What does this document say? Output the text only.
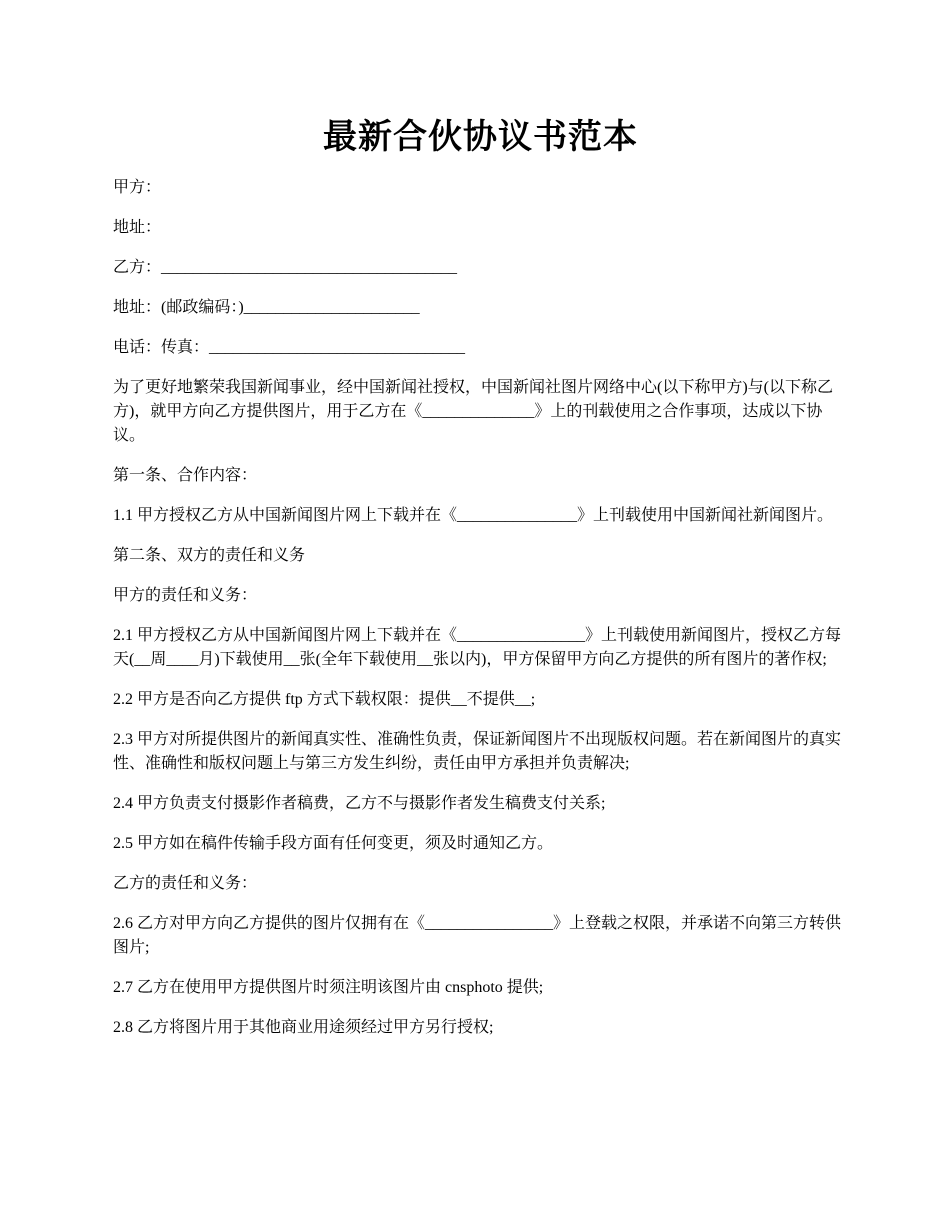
最新合伙协议书范本

甲方：

地址：

乙方：_____________________________________

地址：(邮政编码：)______________________

电话：传真：________________________________

为了更好地繁荣我国新闻事业，经中国新闻社授权，中国新闻社图片网络中心(以下称甲方)与(以下称乙方)，就甲方向乙方提供图片，用于乙方在《______________》上的刊载使用之合作事项，达成以下协议。

第一条、合作内容：

1.1 甲方授权乙方从中国新闻图片网上下载并在《_______________》上刊载使用中国新闻社新闻图片。

第二条、双方的责任和义务

甲方的责任和义务：

2.1 甲方授权乙方从中国新闻图片网上下载并在《________________》上刊载使用新闻图片，授权乙方每天(__周____月)下载使用__张(全年下载使用__张以内)，甲方保留甲方向乙方提供的所有图片的著作权;

2.2 甲方是否向乙方提供 ftp 方式下载权限：提供__不提供__;

2.3 甲方对所提供图片的新闻真实性、准确性负责，保证新闻图片不出现版权问题。若在新闻图片的真实性、准确性和版权问题上与第三方发生纠纷，责任由甲方承担并负责解决;

2.4 甲方负责支付摄影作者稿费，乙方不与摄影作者发生稿费支付关系;

2.5 甲方如在稿件传输手段方面有任何变更，须及时通知乙方。

乙方的责任和义务：

2.6 乙方对甲方向乙方提供的图片仅拥有在《________________》上登载之权限，并承诺不向第三方转供图片;

2.7 乙方在使用甲方提供图片时须注明该图片由 cnsphoto 提供;

2.8 乙方将图片用于其他商业用途须经过甲方另行授权;
